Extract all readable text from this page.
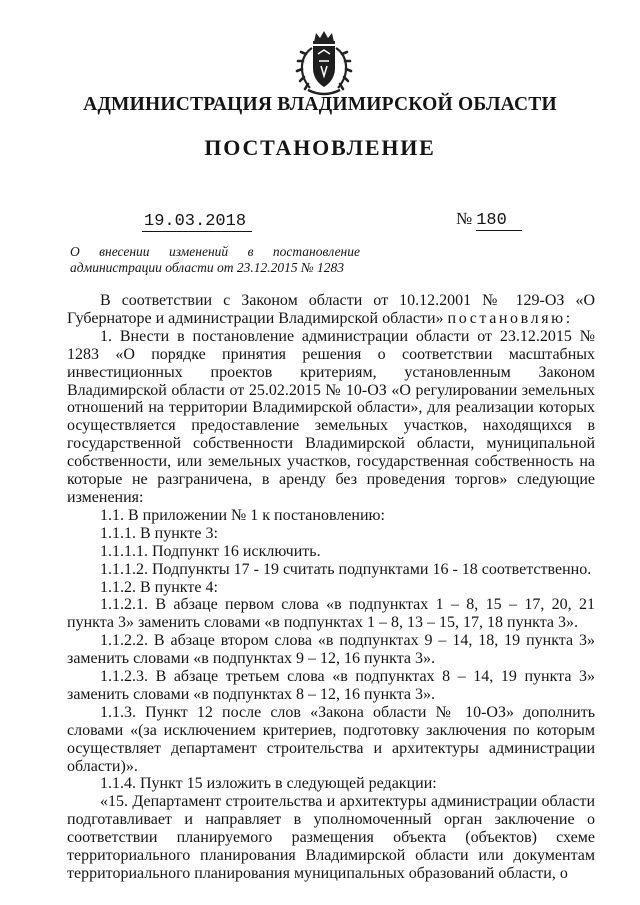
АДМИНИСТРАЦИЯ ВЛАДИМИРСКОЙ ОБЛАСТИ
ПОСТАНОВЛЕНИЕ
19.03.2018	№ 180
О внесении изменений в постановление
администрации области от 23.12.2015 № 1283

В соответствии с Законом области от 10.12.2001 № 129-ОЗ «О Губернаторе и администрации Владимирской области» постановляю:

1. Внести в постановление администрации области от 23.12.2015 № 1283 «О порядке принятия решения о соответствии масштабных инвестиционных проектов критериям, установленным Законом Владимирской области от 25.02.2015 № 10-ОЗ «О регулировании земельных отношений на территории Владимирской области», для реализации которых осуществляется предоставление земельных участков, находящихся в государственной собственности Владимирской области, муниципальной собственности, или земельных участков, государственная собственность на которые не разграничена, в аренду без проведения торгов» следующие изменения:

1.1. В приложении № 1 к постановлению:

1.1.1. В пункте 3:

1.1.1.1. Подпункт 16 исключить.

1.1.1.2. Подпункты 17 - 19 считать подпунктами 16 - 18 соответственно.

1.1.2. В пункте 4:

1.1.2.1. В абзаце первом слова «в подпунктах 1 – 8, 15 – 17, 20, 21 пункта 3» заменить словами «в подпунктах 1 – 8, 13 – 15, 17, 18 пункта 3».

1.1.2.2. В абзаце втором слова «в подпунктах 9 – 14, 18, 19 пункта 3» заменить словами «в подпунктах 9 – 12, 16 пункта 3».

1.1.2.3. В абзаце третьем слова «в подпунктах 8 – 14, 19 пункта 3» заменить словами «в подпунктах 8 – 12, 16 пункта 3».

1.1.3. Пункт 12 после слов «Закона области № 10-ОЗ» дополнить словами «(за исключением критериев, подготовку заключения по которым осуществляет департамент строительства и архитектуры администрации области)».

1.1.4. Пункт 15 изложить в следующей редакции:

«15. Департамент строительства и архитектуры администрации области подготавливает и направляет в уполномоченный орган заключение о соответствии планируемого размещения объекта (объектов) схеме территориального планирования Владимирской области или документам территориального планирования муниципальных образований области, о
